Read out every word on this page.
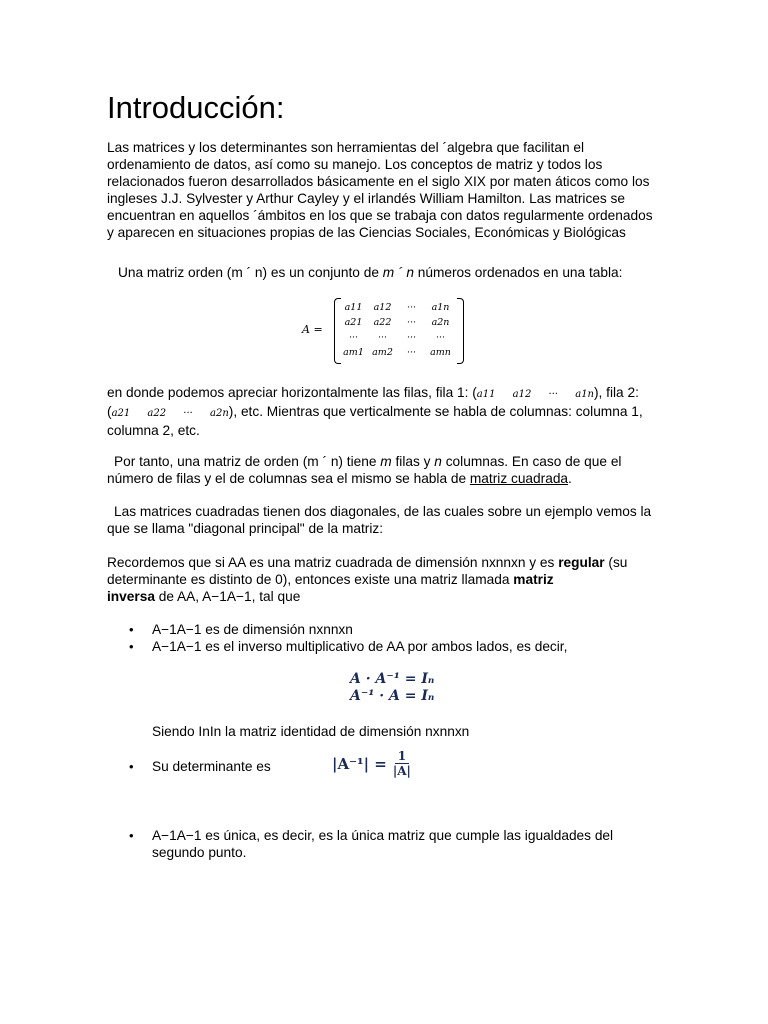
Introducción:

Las matrices y los determinantes son herramientas del ´algebra que facilitan el

ordenamiento de datos, así como su manejo. Los conceptos de matriz y todos los

relacionados fueron desarrollados básicamente en el siglo XIX por maten áticos como los

ingleses J.J. Sylvester y Arthur Cayley y el irlandés William Hamilton. Las matrices se

encuentran en aquellos ´ámbitos en los que se trabaja con datos regularmente ordenados

y aparecen en situaciones propias de las Ciencias Sociales, Económicas y Biológicas

Una matriz orden (m ´ n) es un conjunto de m ´ n números ordenados en una tabla:

A =
a11	a12	···	a1n
a21	a22	···	a2n
···	···	···	···
am1	am2	···	amn

en donde podemos apreciar horizontalmente las filas, fila 1: (a11 a12 ··· a1n), fila 2:

(a21 a22 ··· a2n), etc. Mientras que verticalmente se habla de columnas: columna 1,

columna 2, etc.

Por tanto, una matriz de orden (m ´ n) tiene m filas y n columnas. En caso de que el

número de filas y el de columnas sea el mismo se habla de matriz cuadrada.

Las matrices cuadradas tienen dos diagonales, de las cuales sobre un ejemplo vemos la

que se llama "diagonal principal" de la matriz:

Recordemos que si AA es una matriz cuadrada de dimensión nxnnxn y es regular (su

determinante es distinto de 0), entonces existe una matriz llamada matriz

inversa de AA, A−1A−1, tal que

• A−1A−1 es de dimensión nxnnxn
• A−1A−1 es el inverso multiplicativo de AA por ambos lados, es decir,
A · A⁻¹ = Iₙ
A⁻¹ · A = Iₙ

Siendo InIn la matriz identidad de dimensión nxnnxn

• Su determinante es	$|A^{-1}| = \frac{1}{|A|}$
• A−1A−1 es única, es decir, es la única matriz que cumple las igualdades del
segundo punto.
